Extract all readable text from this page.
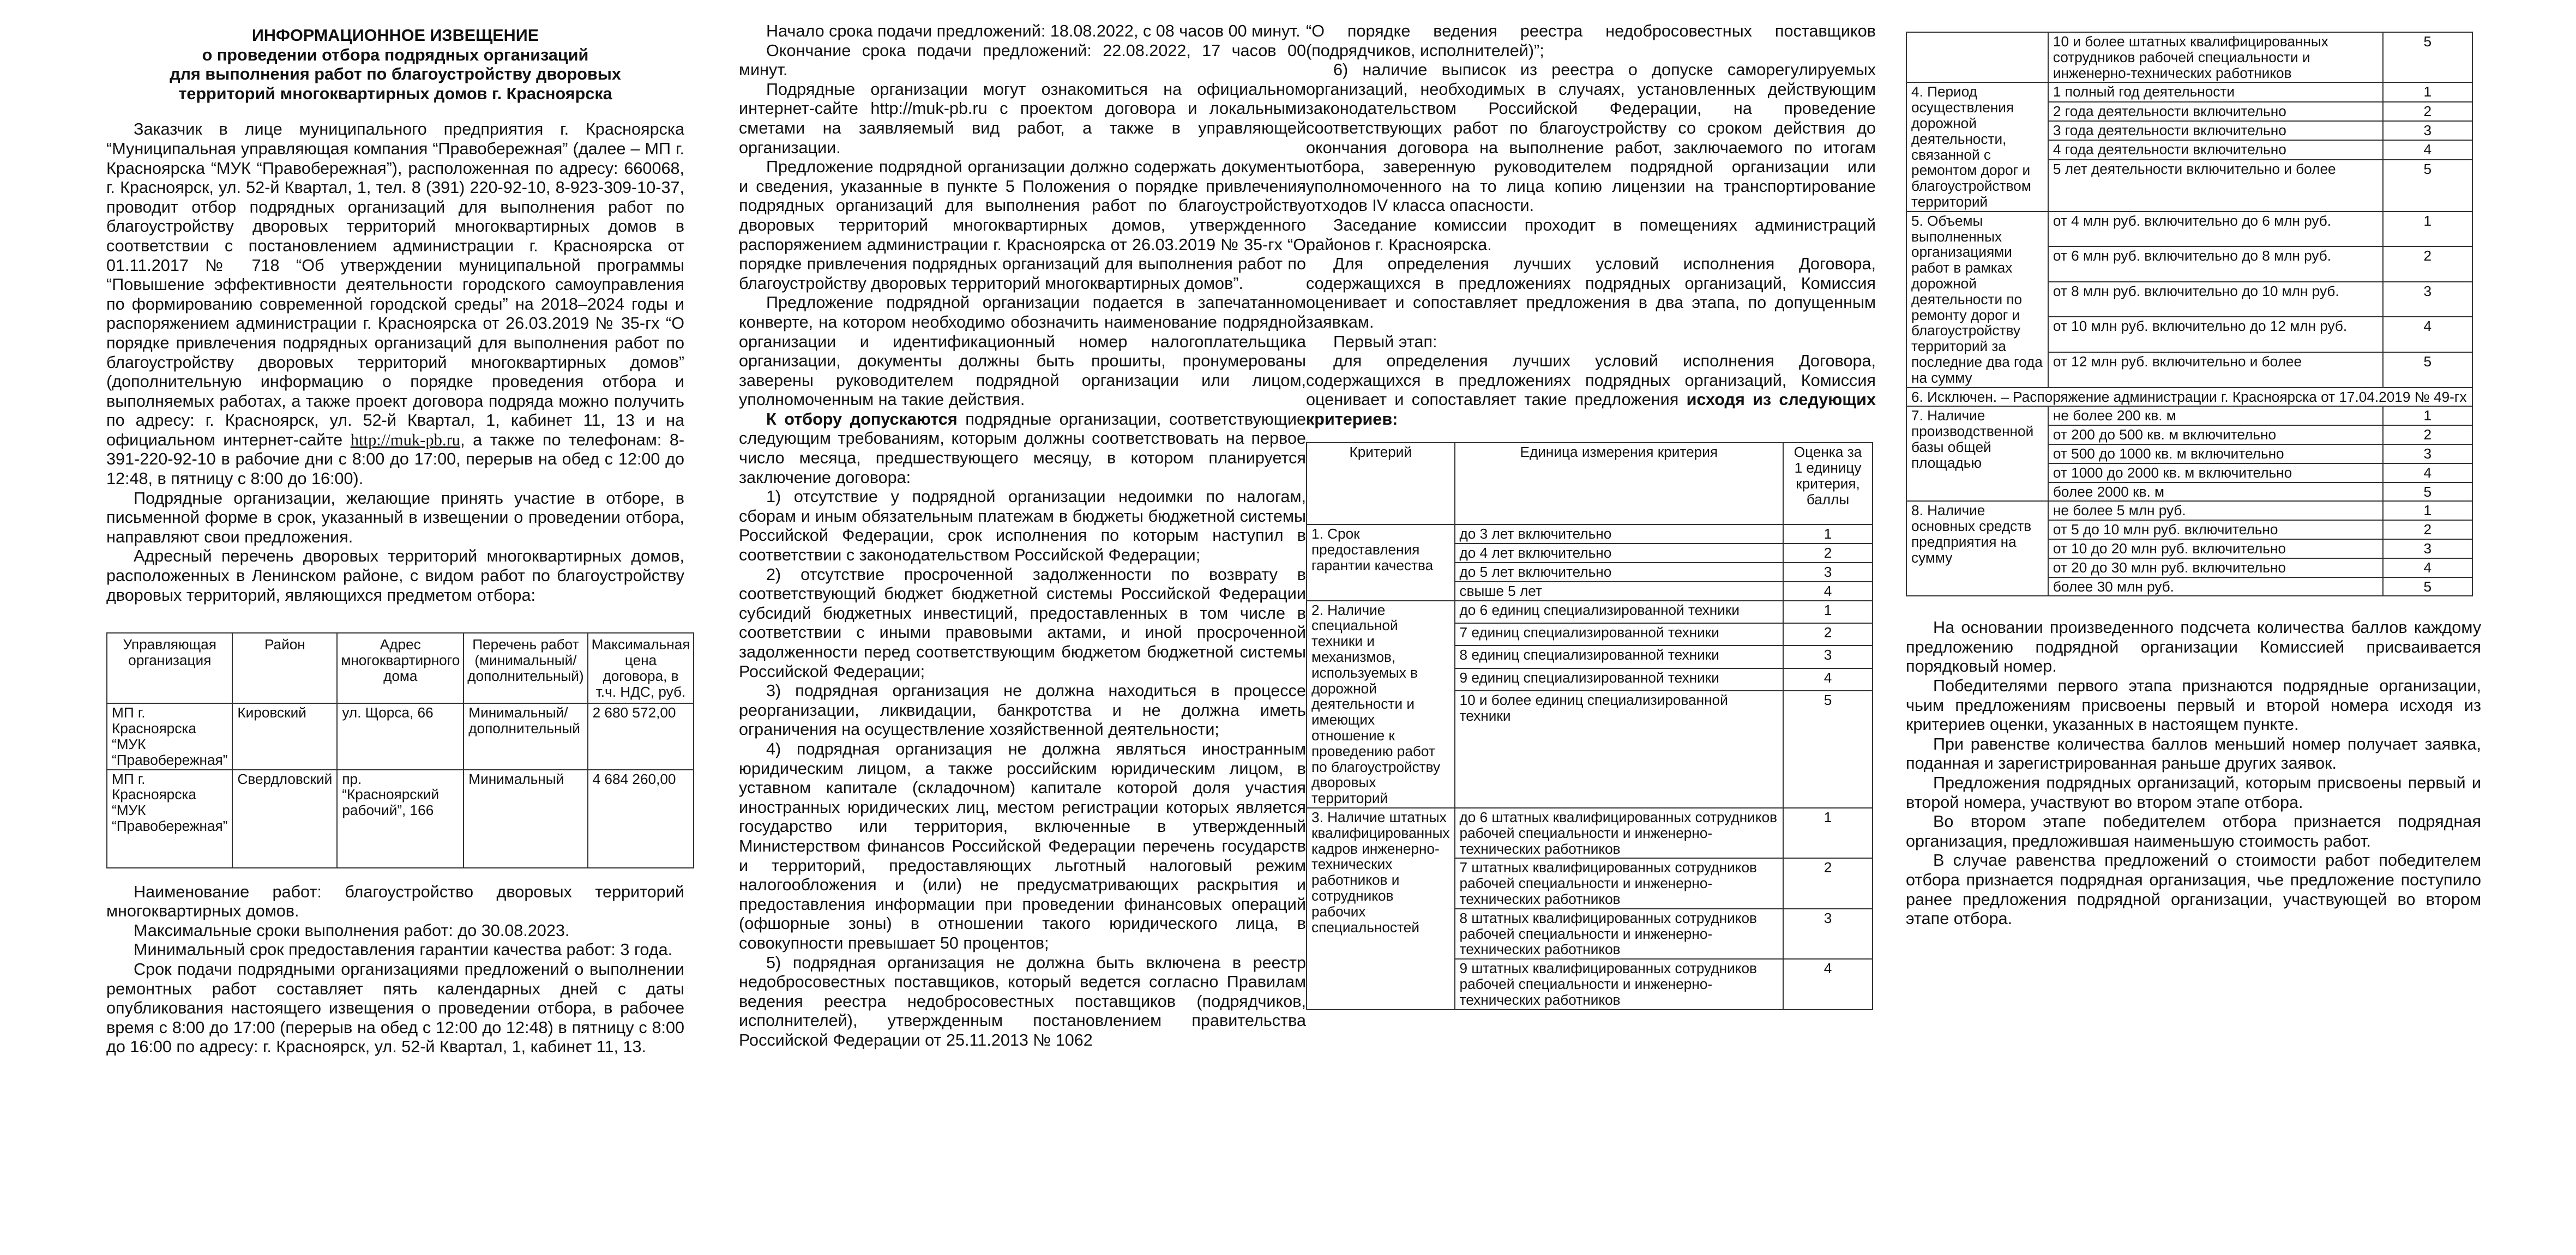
ИНФОРМАЦИОННОЕ ИЗВЕЩЕНИЕ
о проведении отбора подрядных организаций
для выполнения работ по благоустройству дворовых
территорий многоквартирных домов г. Красноярска

Заказчик в лице муниципального предприятия г. Красноярска “Муниципальная управляющая компания “Правобережная” (далее – МП г. Красноярска “МУК “Правобережная”), расположенная по адресу: 660068, г. Красноярск, ул. 52-й Квартал, 1, тел. 8 (391) 220-92-10, 8-923-309-10-37, проводит отбор подрядных организаций для выполнения работ по благоустройству дворовых территорий многоквартирных домов в соответствии с постановлением администрации г. Красноярска от 01.11.2017 № 718 “Об утверждении муниципальной программы “Повышение эффективности деятельности городского самоуправления по формированию современной городской среды” на 2018–2024 годы и распоряжением администрации г. Красноярска от 26.03.2019 № 35-гх “О порядке привлечения подрядных организаций для выполнения работ по благоустройству дворовых территорий многоквартирных домов” (дополнительную информацию о порядке проведения отбора и выполняемых работах, а также проект договора подряда можно получить по адресу: г. Красноярск, ул. 52-й Квартал, 1, кабинет 11, 13 и на официальном интернет-сайте http://muk-pb.ru, а также по телефонам: 8-391-220-92-10 в рабочие дни с 8:00 до 17:00, перерыв на обед с 12:00 до 12:48, в пятницу с 8:00 до 16:00).

Подрядные организации, желающие принять участие в отборе, в письменной форме в срок, указанный в извещении о проведении отбора, направляют свои предложения.

Адресный перечень дворовых территорий многоквартирных домов, расположенных в Ленинском районе, с видом работ по благоустройству дворовых территорий, являющихся предметом отбора:

Управляющая организация	Район	Адрес многоквартирного дома	Перечень работ (минимальный/ дополнительный)	Максимальная цена договора, в т.ч. НДС, руб.
МП г. Красноярска “МУК “Правобережная”	Кировский	ул. Щорса, 66	Минимальный/дополнительный	2 680 572,00
МП г. Красноярска “МУК “Правобережная”	Свердловский	пр. “Красноярский рабочий”, 166	Минимальный	4 684 260,00

Наименование работ: благоустройство дворовых территорий многоквартирных домов.

Максимальные сроки выполнения работ: до 30.08.2023.

Минимальный срок предоставления гарантии качества работ: 3 года.

Срок подачи подрядными организациями предложений о выполнении ремонтных работ составляет пять календарных дней с даты опубликования настоящего извещения о проведении отбора, в рабочее время с 8:00 до 17:00 (перерыв на обед с 12:00 до 12:48) в пятницу с 8:00 до 16:00 по адресу: г. Красноярск, ул. 52-й Квартал, 1, кабинет 11, 13.

Начало срока подачи предложений: 18.08.2022, с 08 часов 00 минут.

Окончание срока подачи предложений: 22.08.2022, 17 часов 00 минут.

Подрядные организации могут ознакомиться на официальном интернет-сайте http://muk-pb.ru с проектом договора и локальными сметами на заявляемый вид работ, а также в управляющей организации.

Предложение подрядной организации должно содержать документы и сведения, указанные в пункте 5 Положения о порядке привлечения подрядных организаций для выполнения работ по благоустройству дворовых территорий многоквартирных домов, утвержденного распоряжением администрации г. Красноярска от 26.03.2019 № 35-гх “О порядке привлечения подрядных организаций для выполнения работ по благоустройству дворовых территорий многоквартирных домов”.

Предложение подрядной организации подается в запечатанном конверте, на котором необходимо обозначить наименование подрядной организации и идентификационный номер налогоплательщика организации, документы должны быть прошиты, пронумерованы заверены руководителем подрядной организации или лицом, уполномоченным на такие действия.

К отбору допускаются подрядные организации, соответствующие следующим требованиям, которым должны соответствовать на первое число месяца, предшествующего месяцу, в котором планируется заключение договора:

1) отсутствие у подрядной организации недоимки по налогам, сборам и иным обязательным платежам в бюджеты бюджетной системы Российской Федерации, срок исполнения по которым наступил в соответствии с законодательством Российской Федерации;

2) отсутствие просроченной задолженности по возврату в соответствующий бюджет бюджетной системы Российской Федерации субсидий бюджетных инвестиций, предоставленных в том числе в соответствии с иными правовыми актами, и иной просроченной задолженности перед соответствующим бюджетом бюджетной системы Российской Федерации;

3) подрядная организация не должна находиться в процессе реорганизации, ликвидации, банкротства и не должна иметь ограничения на осуществление хозяйственной деятельности;

4) подрядная организация не должна являться иностранным юридическим лицом, а также российским юридическим лицом, в уставном капитале (складочном) капитале которой доля участия иностранных юридических лиц, местом регистрации которых является государство или территория, включенные в утвержденный Министерством финансов Российской Федерации перечень государств и территорий, предоставляющих льготный налоговый режим налогообложения и (или) не предусматривающих раскрытия и предоставления информации при проведении финансовых операций (офшорные зоны) в отношении такого юридического лица, в совокупности превышает 50 процентов;

5) подрядная организация не должна быть включена в реестр недобросовестных поставщиков, который ведется согласно Правилам ведения реестра недобросовестных поставщиков (подрядчиков, исполнителей), утвержденным постановлением правительства Российской Федерации от 25.11.2013 № 1062

“О порядке ведения реестра недобросовестных поставщиков (подрядчиков, исполнителей)”;

6) наличие выписок из реестра о допуске саморегулируемых организаций, необходимых в случаях, установленных действующим законодательством Российской Федерации, на проведение соответствующих работ по благоустройству со сроком действия до окончания договора на выполнение работ, заключаемого по итогам отбора, заверенную руководителем подрядной организации или уполномоченного на то лица копию лицензии на транспортирование отходов IV класса опасности.

Заседание комиссии проходит в помещениях администраций районов г. Красноярска.

Для определения лучших условий исполнения Договора, содержащихся в предложениях подрядных организаций, Комиссия оценивает и сопоставляет предложения в два этапа, по допущенным заявкам.

Первый этап:

для определения лучших условий исполнения Договора, содержащихся в предложениях подрядных организаций, Комиссия оценивает и сопоставляет такие предложения исходя из следующих критериев:

Критерий	Единица измерения критерия	Оценка за 1 единицу критерия, баллы
1. Срок предоставления гарантии качества	до 3 лет включительно	1
	до 4 лет включительно	2
	до 5 лет включительно	3
	свыше 5 лет	4
2. Наличие специальной техники и механизмов, используемых в дорожной деятельности и имеющих отношение к проведению работ по благоустройству дворовых территорий	до 6 единиц специализированной техники	1
	7 единиц специализированной техники	2
	8 единиц специализированной техники	3
	9 единиц специализированной техники	4
	10 и более единиц специализированной техники	5
3. Наличие штатных квалифицированных кадров инженерно-технических работников и сотрудников рабочих специальностей	до 6 штатных квалифицированных сотрудников рабочей специальности и инженерно-технических работников	1
	7 штатных квалифицированных сотрудников рабочей специальности и инженерно-технических работников	2
	8 штатных квалифицированных сотрудников рабочей специальности и инженерно-технических работников	3
	9 штатных квалифицированных сотрудников рабочей специальности и инженерно-технических работников	4
	10 и более штатных квалифицированных сотрудников рабочей специальности и инженерно-технических работников	5
4. Период осуществления дорожной деятельности, связанной с ремонтом дорог и благоустройством территорий	1 полный год деятельности	1
	2 года деятельности включительно	2
	3 года деятельности включительно	3
	4 года деятельности включительно	4
	5 лет деятельности включительно и более	5
5. Объемы выполненных организациями работ в рамках дорожной деятельности по ремонту дорог и благоустройству территорий за последние два года на сумму	от 4 млн руб. включительно до 6 млн руб.	1
	от 6 млн руб. включительно до 8 млн руб.	2
	от 8 млн руб. включительно до 10 млн руб.	3
	от 10 млн руб. включительно до 12 млн руб.	4
	от 12 млн руб. включительно и более	5
6. Исключен. – Распоряжение администрации г. Красноярска от 17.04.2019 № 49-гх		
7. Наличие производственной базы общей площадью	не более 200 кв. м	1
	от 200 до 500 кв. м включительно	2
	от 500 до 1000 кв. м включительно	3
	от 1000 до 2000 кв. м включительно	4
	более 2000 кв. м	5
8. Наличие основных средств предприятия на сумму	не более 5 млн руб.	1
	от 5 до 10 млн руб. включительно	2
	от 10 до 20 млн руб. включительно	3
	от 20 до 30 млн руб. включительно	4
	более 30 млн руб.	5

На основании произведенного подсчета количества баллов каждому предложению подрядной организации Комиссией присваивается порядковый номер.

Победителями первого этапа признаются подрядные организации, чьим предложениям присвоены первый и второй номера исходя из критериев оценки, указанных в настоящем пункте.

При равенстве количества баллов меньший номер получает заявка, поданная и зарегистрированная раньше других заявок.

Предложения подрядных организаций, которым присвоены первый и второй номера, участвуют во втором этапе отбора.

Во втором этапе победителем отбора признается подрядная организация, предложившая наименьшую стоимость работ.

В случае равенства предложений о стоимости работ победителем отбора признается подрядная организация, чье предложение поступило ранее предложения подрядной организации, участвующей во втором этапе отбора.
